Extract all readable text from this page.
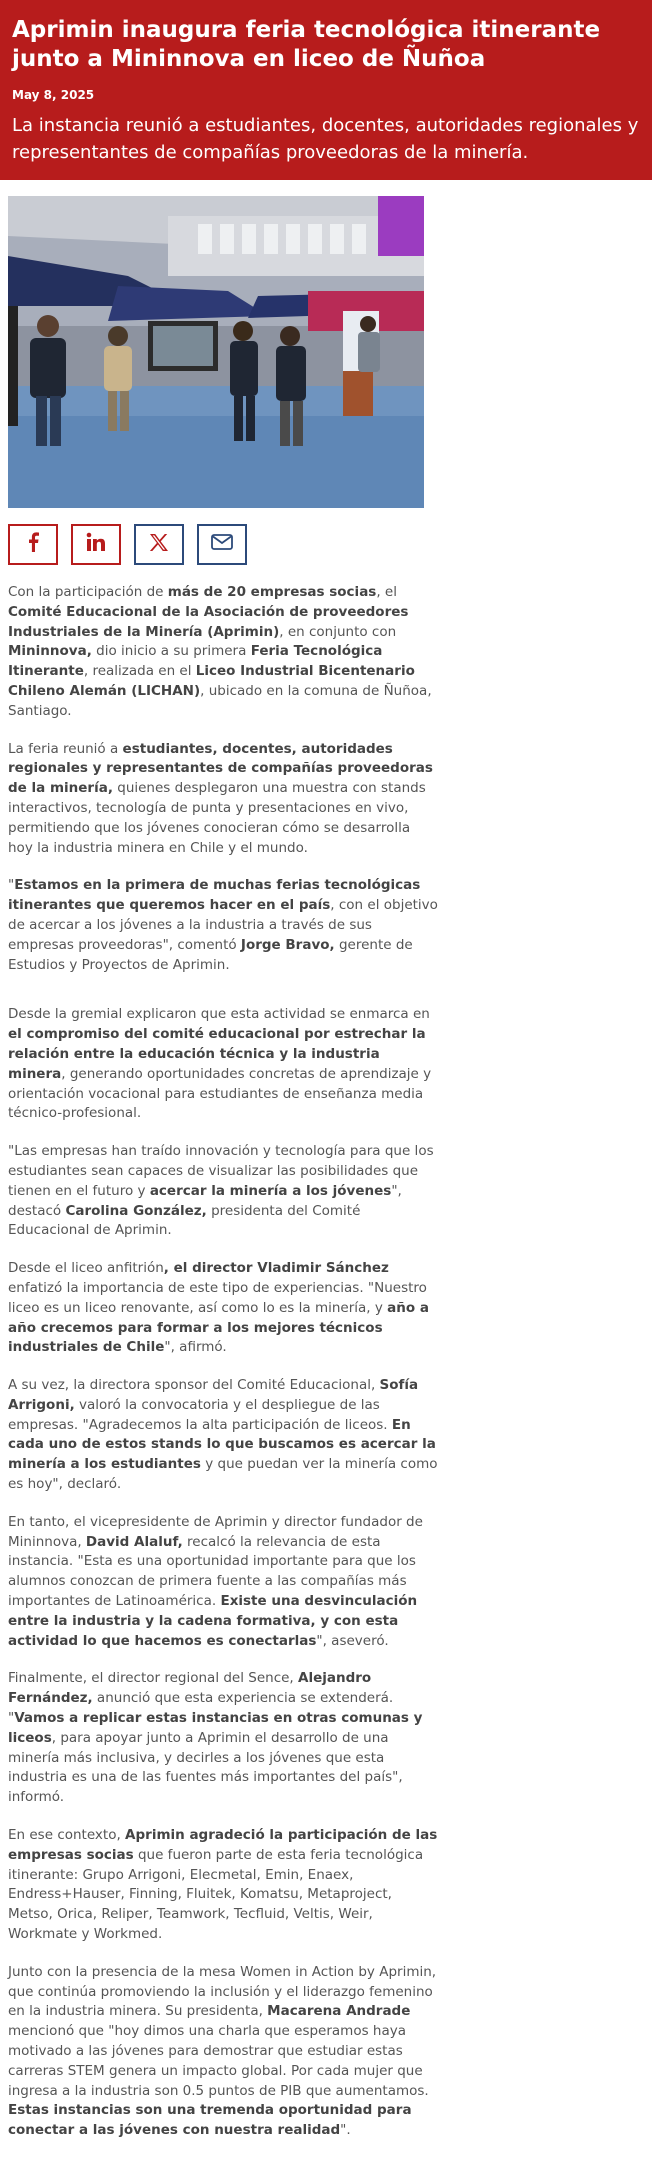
Aprimin inaugura feria tecnológica itinerante junto a Mininnova en liceo de Ñuñoa
May 8, 2025
La instancia reunió a estudiantes, docentes, autoridades regionales y representantes de compañías proveedoras de la minería.

Con la participación de más de 20 empresas socias, el Comité Educacional de la Asociación de proveedores Industriales de la Minería (Aprimin), en conjunto con Mininnova, dio inicio a su primera Feria Tecnológica Itinerante, realizada en el Liceo Industrial Bicentenario Chileno Alemán (LICHAN), ubicado en la comuna de Ñuñoa, Santiago.

La feria reunió a estudiantes, docentes, autoridades regionales y representantes de compañías proveedoras de la minería, quienes desplegaron una muestra con stands interactivos, tecnología de punta y presentaciones en vivo, permitiendo que los jóvenes conocieran cómo se desarrolla hoy la industria minera en Chile y el mundo.

"Estamos en la primera de muchas ferias tecnológicas itinerantes que queremos hacer en el país, con el objetivo de acercar a los jóvenes a la industria a través de sus empresas proveedoras", comentó Jorge Bravo, gerente de Estudios y Proyectos de Aprimin.

Desde la gremial explicaron que esta actividad se enmarca en el compromiso del comité educacional por estrechar la relación entre la educación técnica y la industria minera, generando oportunidades concretas de aprendizaje y orientación vocacional para estudiantes de enseñanza media técnico-profesional.

"Las empresas han traído innovación y tecnología para que los estudiantes sean capaces de visualizar las posibilidades que tienen en el futuro y acercar la minería a los jóvenes", destacó Carolina González, presidenta del Comité Educacional de Aprimin.

Desde el liceo anfitrión, el director Vladimir Sánchez enfatizó la importancia de este tipo de experiencias. "Nuestro liceo es un liceo renovante, así como lo es la minería, y año a año crecemos para formar a los mejores técnicos industriales de Chile", afirmó.

A su vez, la directora sponsor del Comité Educacional, Sofía Arrigoni, valoró la convocatoria y el despliegue de las empresas. "Agradecemos la alta participación de liceos. En cada uno de estos stands lo que buscamos es acercar la minería a los estudiantes y que puedan ver la minería como es hoy", declaró.

En tanto, el vicepresidente de Aprimin y director fundador de Mininnova, David Alaluf, recalcó la relevancia de esta instancia. "Esta es una oportunidad importante para que los alumnos conozcan de primera fuente a las compañías más importantes de Latinoamérica. Existe una desvinculación entre la industria y la cadena formativa, y con esta actividad lo que hacemos es conectarlas", aseveró.

Finalmente, el director regional del Sence, Alejandro Fernández, anunció que esta experiencia se extenderá. "Vamos a replicar estas instancias en otras comunas y liceos, para apoyar junto a Aprimin el desarrollo de una minería más inclusiva, y decirles a los jóvenes que esta industria es una de las fuentes más importantes del país", informó.

En ese contexto, Aprimin agradeció la participación de las empresas socias que fueron parte de esta feria tecnológica itinerante: Grupo Arrigoni, Elecmetal, Emin, Enaex, Endress+Hauser, Finning, Fluitek, Komatsu, Metaproject, Metso, Orica, Reliper, Teamwork, Tecfluid, Veltis, Weir, Workmate y Workmed.

Junto con la presencia de la mesa Women in Action by Aprimin, que continúa promoviendo la inclusión y el liderazgo femenino en la industria minera. Su presidenta, Macarena Andrade mencionó que "hoy dimos una charla que esperamos haya motivado a las jóvenes para demostrar que estudiar estas carreras STEM genera un impacto global. Por cada mujer que ingresa a la industria son 0.5 puntos de PIB que aumentamos. Estas instancias son una tremenda oportunidad para conectar a las jóvenes con nuestra realidad".
